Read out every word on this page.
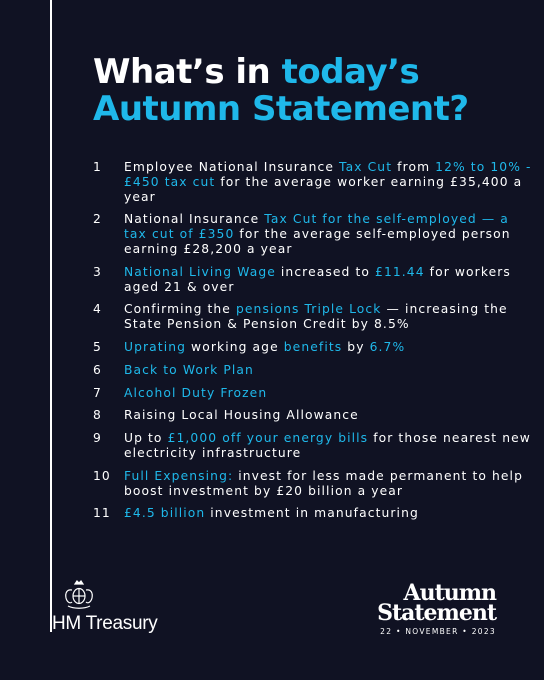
What’s in today’s
Autumn Statement?
1	Employee National Insurance Tax Cut from 12% to 10% - £450 tax cut for the average worker earning £35,400 a year
2	National Insurance Tax Cut for the self-employed — a tax cut of £350 for the average self-employed person earning £28,200 a year
3	National Living Wage increased to £11.44 for workers aged 21 & over
4	Confirming the pensions Triple Lock — increasing the State Pension & Pension Credit by 8.5%
5	Uprating working age benefits by 6.7%
6	Back to Work Plan
7	Alcohol Duty Frozen
8	Raising Local Housing Allowance
9	Up to £1,000 off your energy bills for those nearest new electricity infrastructure
10	Full Expensing: invest for less made permanent to help boost investment by £20 billion a year
11	£4.5 billion investment in manufacturing
HM Treasury
Autumn
Statement
22 • NOVEMBER • 2023
